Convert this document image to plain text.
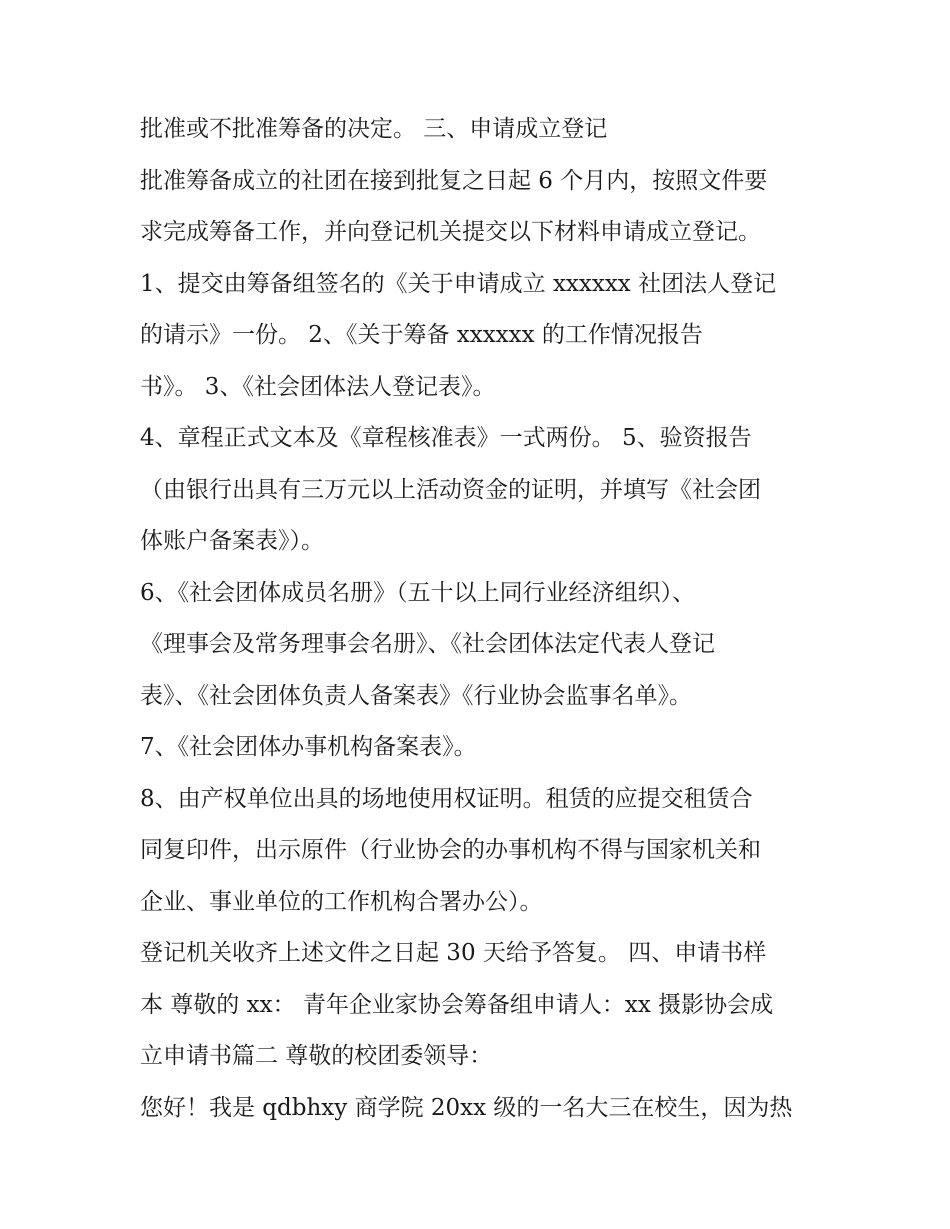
批准或不批准筹备的决定。 三、申请成立登记
批准筹备成立的社团在接到批复之日起 6 个月内，按照文件要
求完成筹备工作，并向登记机关提交以下材料申请成立登记。
1、提交由筹备组签名的《关于申请成立 xxxxxx 社团法人登记
的请示》一份。 2、《关于筹备 xxxxxx 的工作情况报告
书》。 3、《社会团体法人登记表》。
4、章程正式文本及《章程核准表》一式两份。 5、验资报告
（由银行出具有三万元以上活动资金的证明，并填写《社会团
体账户备案表》）。
6、《社会团体成员名册》（五十以上同行业经济组织）、
《理事会及常务理事会名册》、《社会团体法定代表人登记
表》、《社会团体负责人备案表》《行业协会监事名单》。
7、《社会团体办事机构备案表》。
8、由产权单位出具的场地使用权证明。租赁的应提交租赁合
同复印件，出示原件（行业协会的办事机构不得与国家机关和
企业、事业单位的工作机构合署办公）。
登记机关收齐上述文件之日起 30 天给予答复。 四、申请书样
本 尊敬的 xx： 青年企业家协会筹备组申请人：xx 摄影协会成
立申请书篇二 尊敬的校团委领导：
您好！我是 qdbhxy 商学院 20xx 级的一名大三在校生，因为热
